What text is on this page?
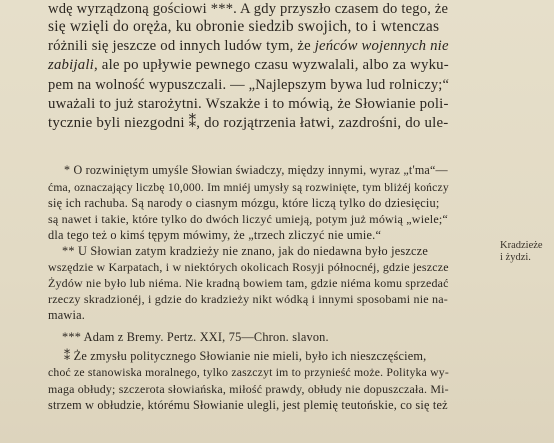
wdę wyrządzoną gościowi ***. A gdy przyszło czasem do tego, że
się wzięli do oręża, ku obronie siedzib swojich, to i wtenczas
różnili się jeszcze od innych ludów tym, że jeńców wojennych nie
zabijali, ale po upływie pewnego czasu wyzwalali, albo za wyku-
pem na wolność wypuszczali. — „Najlepszym bywa lud rolniczy;“
uważali to już starożytni. Wszakże i to mówią, że Słowianie poli-
tycznie byli niezgodni ⁑, do rozjątrzenia łatwi, zazdrośni, do ule-
* O rozwiniętym umyśle Słowian świadczy, między innymi, wyraz „t'ma“—
ćma, oznaczający liczbę 10,000. Im mniéj umysły są rozwinięte, tym bliżéj kończy
się ich rachuba. Są narody o ciasnym mózgu, które liczą tylko do dziesięciu;
są nawet i takie, które tylko do dwóch liczyć umieją, potym już mówią „wiele;“
dla tego też o kimś tępym mówimy, że „trzech zliczyć nie umie.“
** U Słowian zatym kradzieży nie znano, jak do niedawna było jeszcze
wszędzie w Karpatach, i w niektórych okolicach Rosyji północnéj, gdzie jeszcze
Żydów nie było lub niéma. Nie kradną bowiem tam, gdzie niéma komu sprzedać
rzeczy skradzionéj, i gdzie do kradzieży nikt wódką i innymi sposobami nie na-
mawia.
*** Adam z Bremy. Pertz. XXI, 75—Chron. slavon.
⁑ Że zmysłu politycznego Słowianie nie mieli, było ich nieszczęściem,
choć ze stanowiska moralnego, tylko zaszczyt im to przynieść może. Polityka wy-
maga obłudy; szczerota słowiańska, miłość prawdy, obłudy nie dopuszczała. Mi-
strzem w obłudzie, którému Słowianie ulegli, jest plemię teutońskie, co się też
Kradzieże
i żydzi.
